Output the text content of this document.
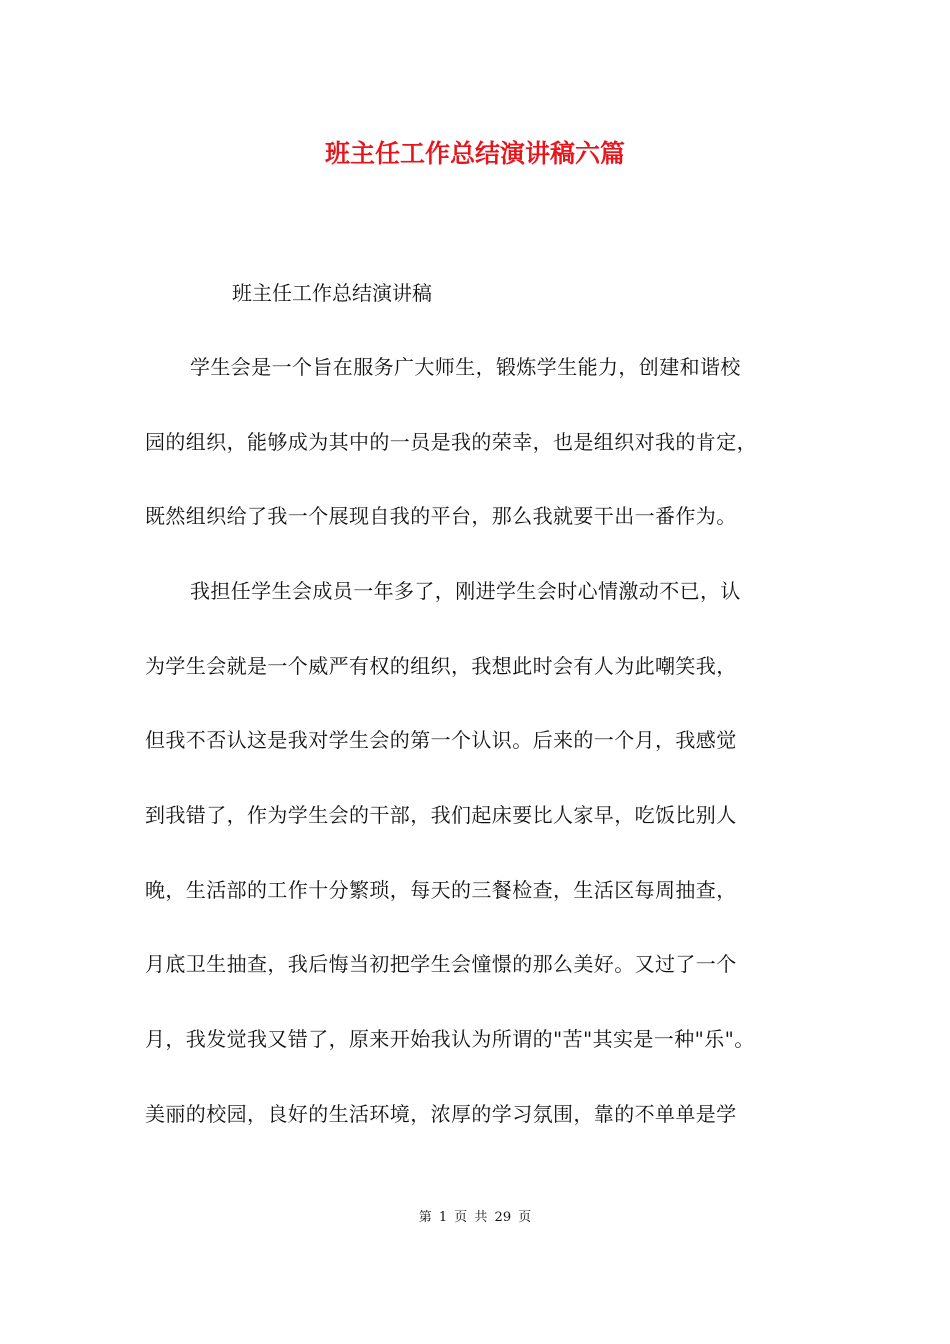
班主任工作总结演讲稿六篇
班主任工作总结演讲稿
学生会是一个旨在服务广大师生，锻炼学生能力，创建和谐校
园的组织，能够成为其中的一员是我的荣幸，也是组织对我的肯定，
既然组织给了我一个展现自我的平台，那么我就要干出一番作为。
我担任学生会成员一年多了，刚进学生会时心情激动不已，认
为学生会就是一个威严有权的组织，我想此时会有人为此嘲笑我，
但我不否认这是我对学生会的第一个认识。后来的一个月，我感觉
到我错了，作为学生会的干部，我们起床要比人家早，吃饭比别人
晚，生活部的工作十分繁琐，每天的三餐检查，生活区每周抽查，
月底卫生抽查，我后悔当初把学生会憧憬的那么美好。又过了一个
月，我发觉我又错了，原来开始我认为所谓的"苦"其实是一种"乐"。
美丽的校园，良好的生活环境，浓厚的学习氛围，靠的不单单是学
第 1 页 共 29 页
